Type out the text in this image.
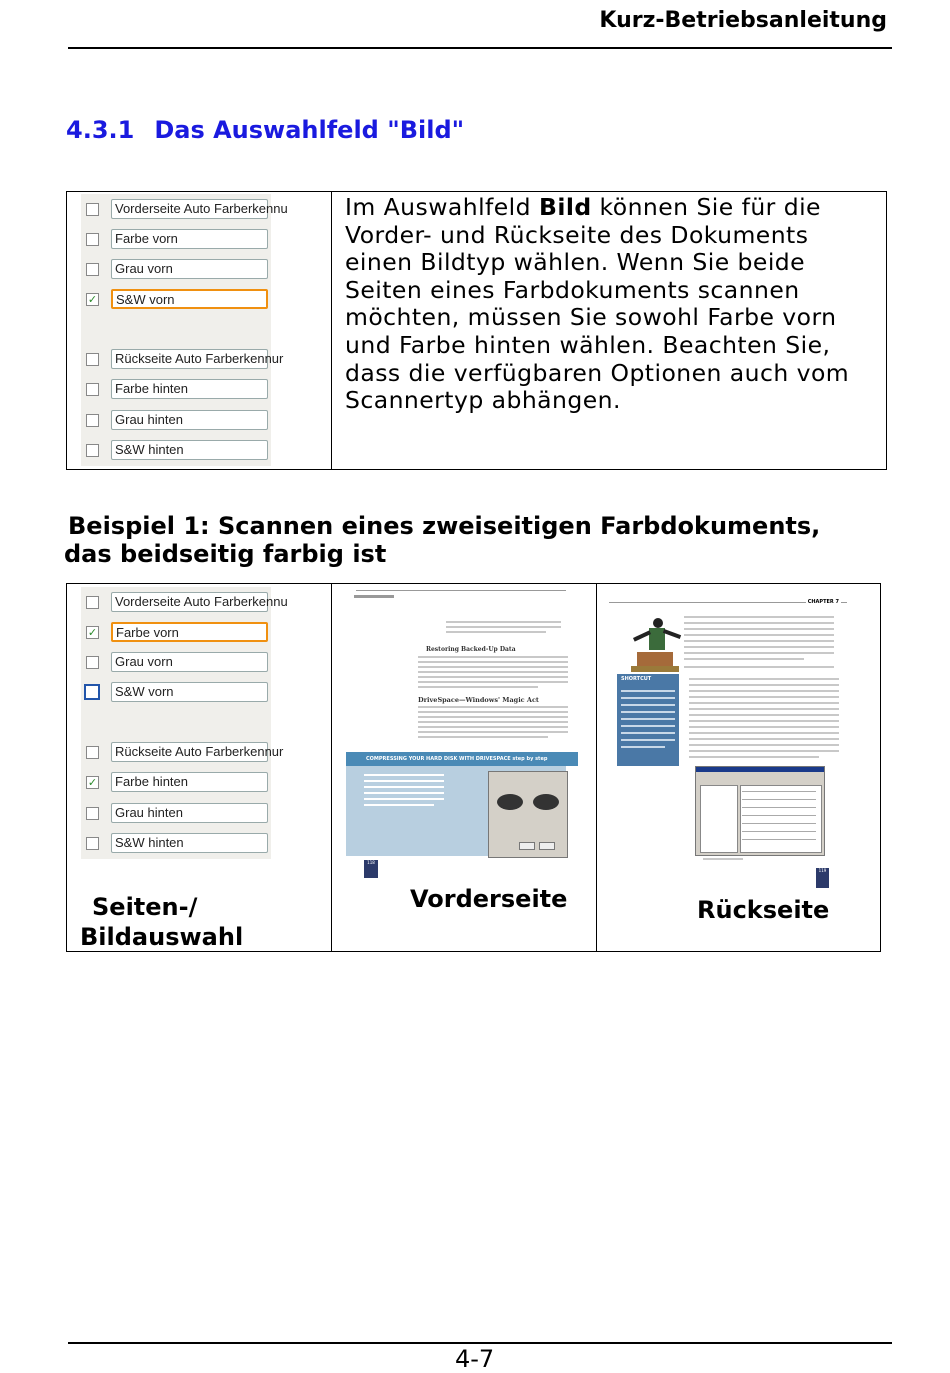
Kurz-Betriebsanleitung
4.3.1 Das Auswahlfeld "Bild"
Vorderseite Auto Farberkennu
Farbe vorn
Grau vorn
✓	S&W vorn
Rückseite Auto Farberkennur
Farbe hinten
Grau hinten
S&W hinten

Im Auswahlfeld Bild können Sie für die Vorder- und Rückseite des Dokuments einen Bildtyp wählen. Wenn Sie beide Seiten eines Farbdokuments scannen möchten, müssen Sie sowohl Farbe vorn und Farbe hinten wählen. Beachten Sie, dass die verfügbaren Optionen auch vom Scannertyp abhängen.
Beispiel 1: Scannen eines zweiseitigen Farbdokuments,
das beidseitig farbig ist
Vorderseite Auto Farberkennu
✓	Farbe vorn
Grau vorn
S&W vorn
Rückseite Auto Farberkennur
✓	Farbe hinten
Grau hinten
S&W hinten
Seiten-/
Bildauswahl

Restoring Backed-Up Data
DriveSpace—Windows' Magic Act
COMPRESSING YOUR HARD DISK WITH DRIVESPACE step by step
118
Vorderseite

CHAPTER 7
SHORTCUT
119
Rückseite
4-7
